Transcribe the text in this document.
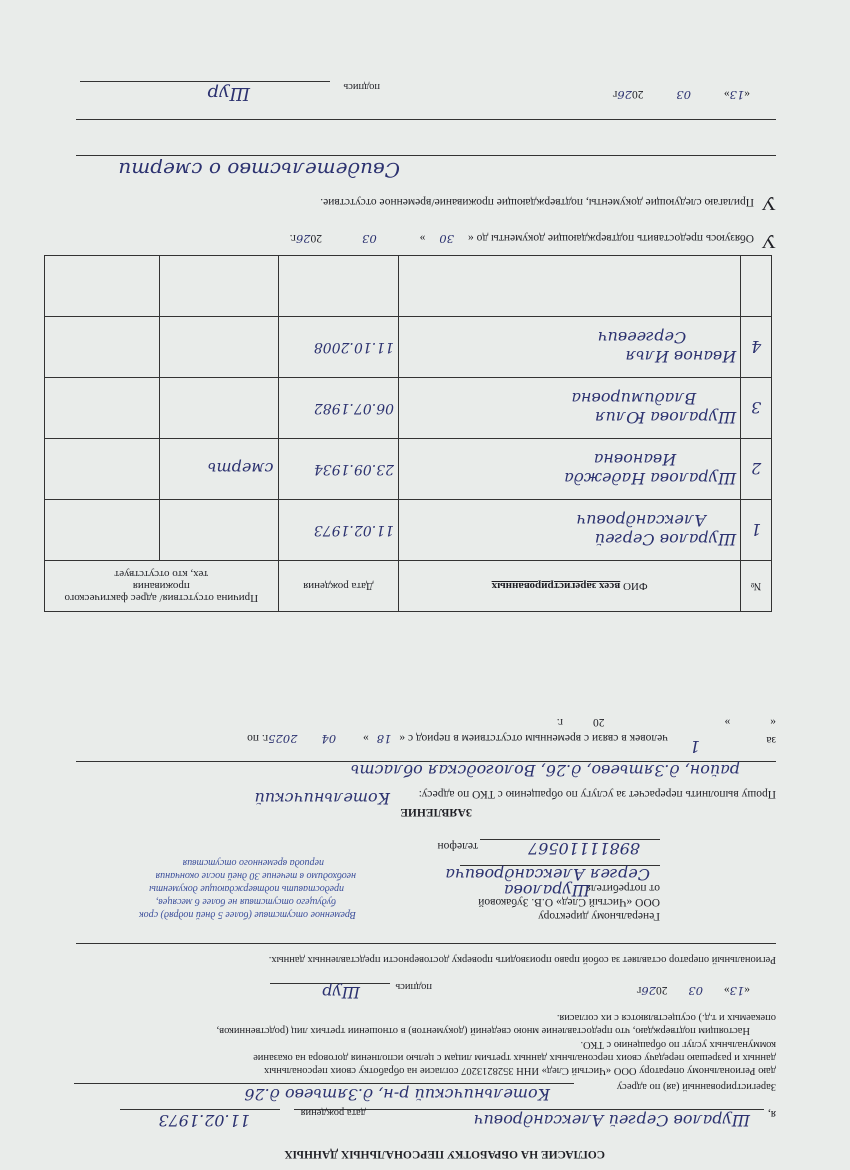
СОГЛАСИЕ НА ОБРАБОТКУ ПЕРСОНАЛЬНЫХ ДАННЫХ
я,
Шуралов Сергей Александрович
дата рождения
11.02.1973
Зарегистрированный (ая) по адресу
Котельничский р-н, д.Зятьево д.26
даю Региональному оператору ООО «Чистый След» ИНН 3528213207 согласие на обработку своих персональных
данных и разрешаю передачу своих персональных данных третьим лицам с целью исполнения договора на оказание
коммунальных услуг по обращению с ТКО.
Настоящим подтверждаю, что предоставление мною сведений (документов) в отношении третьих лиц (родственников,
опекаемых и т.д.) осуществляются с их согласия.
«13» 03 2026г
подпись
Шур
Региональный оператор оставляет за собой право производить проверку достоверности представленных данных.
Генеральному директору
ООО «Чистый След» О.В. Зубаковой
от потребителя
Шуралова
Сергея Александровича
телефон	89811110567
Временное отсутствие (более 5 дней подряд) срок
будущего отсутствия не более 6 месяцев,
предоставить подтверждающие документы
необходимо в течение 30 дней после окончания
периода временного отсутствия
ЗАЯВЛЕНИЕ
Прошу выполнить перерасчет за услугу по обращению с ТКО по адресу:
Котельничский
район, д.Зятьево, д.26, Вологодская область
за
1
человек в связи с временным отсутствием в период с «18» 042025г. по
«»20г.
№	ФИО всех зарегистрированных	Дата рождения	Причина отсутствия/ адрес фактического проживания
тех, кто отсутствует	
1	Шуралов Сергей
Александрович	11.02.1973		
2	Шуралова Надежда
Ивановна	23.09.1934	смерть	
3	Шуралова Юлия
Владимировна	06.07.1982		
4	Иванов Илья
Сергеевич	11.10.2008		

У
Обязуюсь предоставить подтверждающие документы до «30» 032026г.
У
Прилагаю следующие документы, подтверждающие проживание/временное отсутствие.
Свидетельство о смерти
«13» 03 2026г
подпись
Шур
